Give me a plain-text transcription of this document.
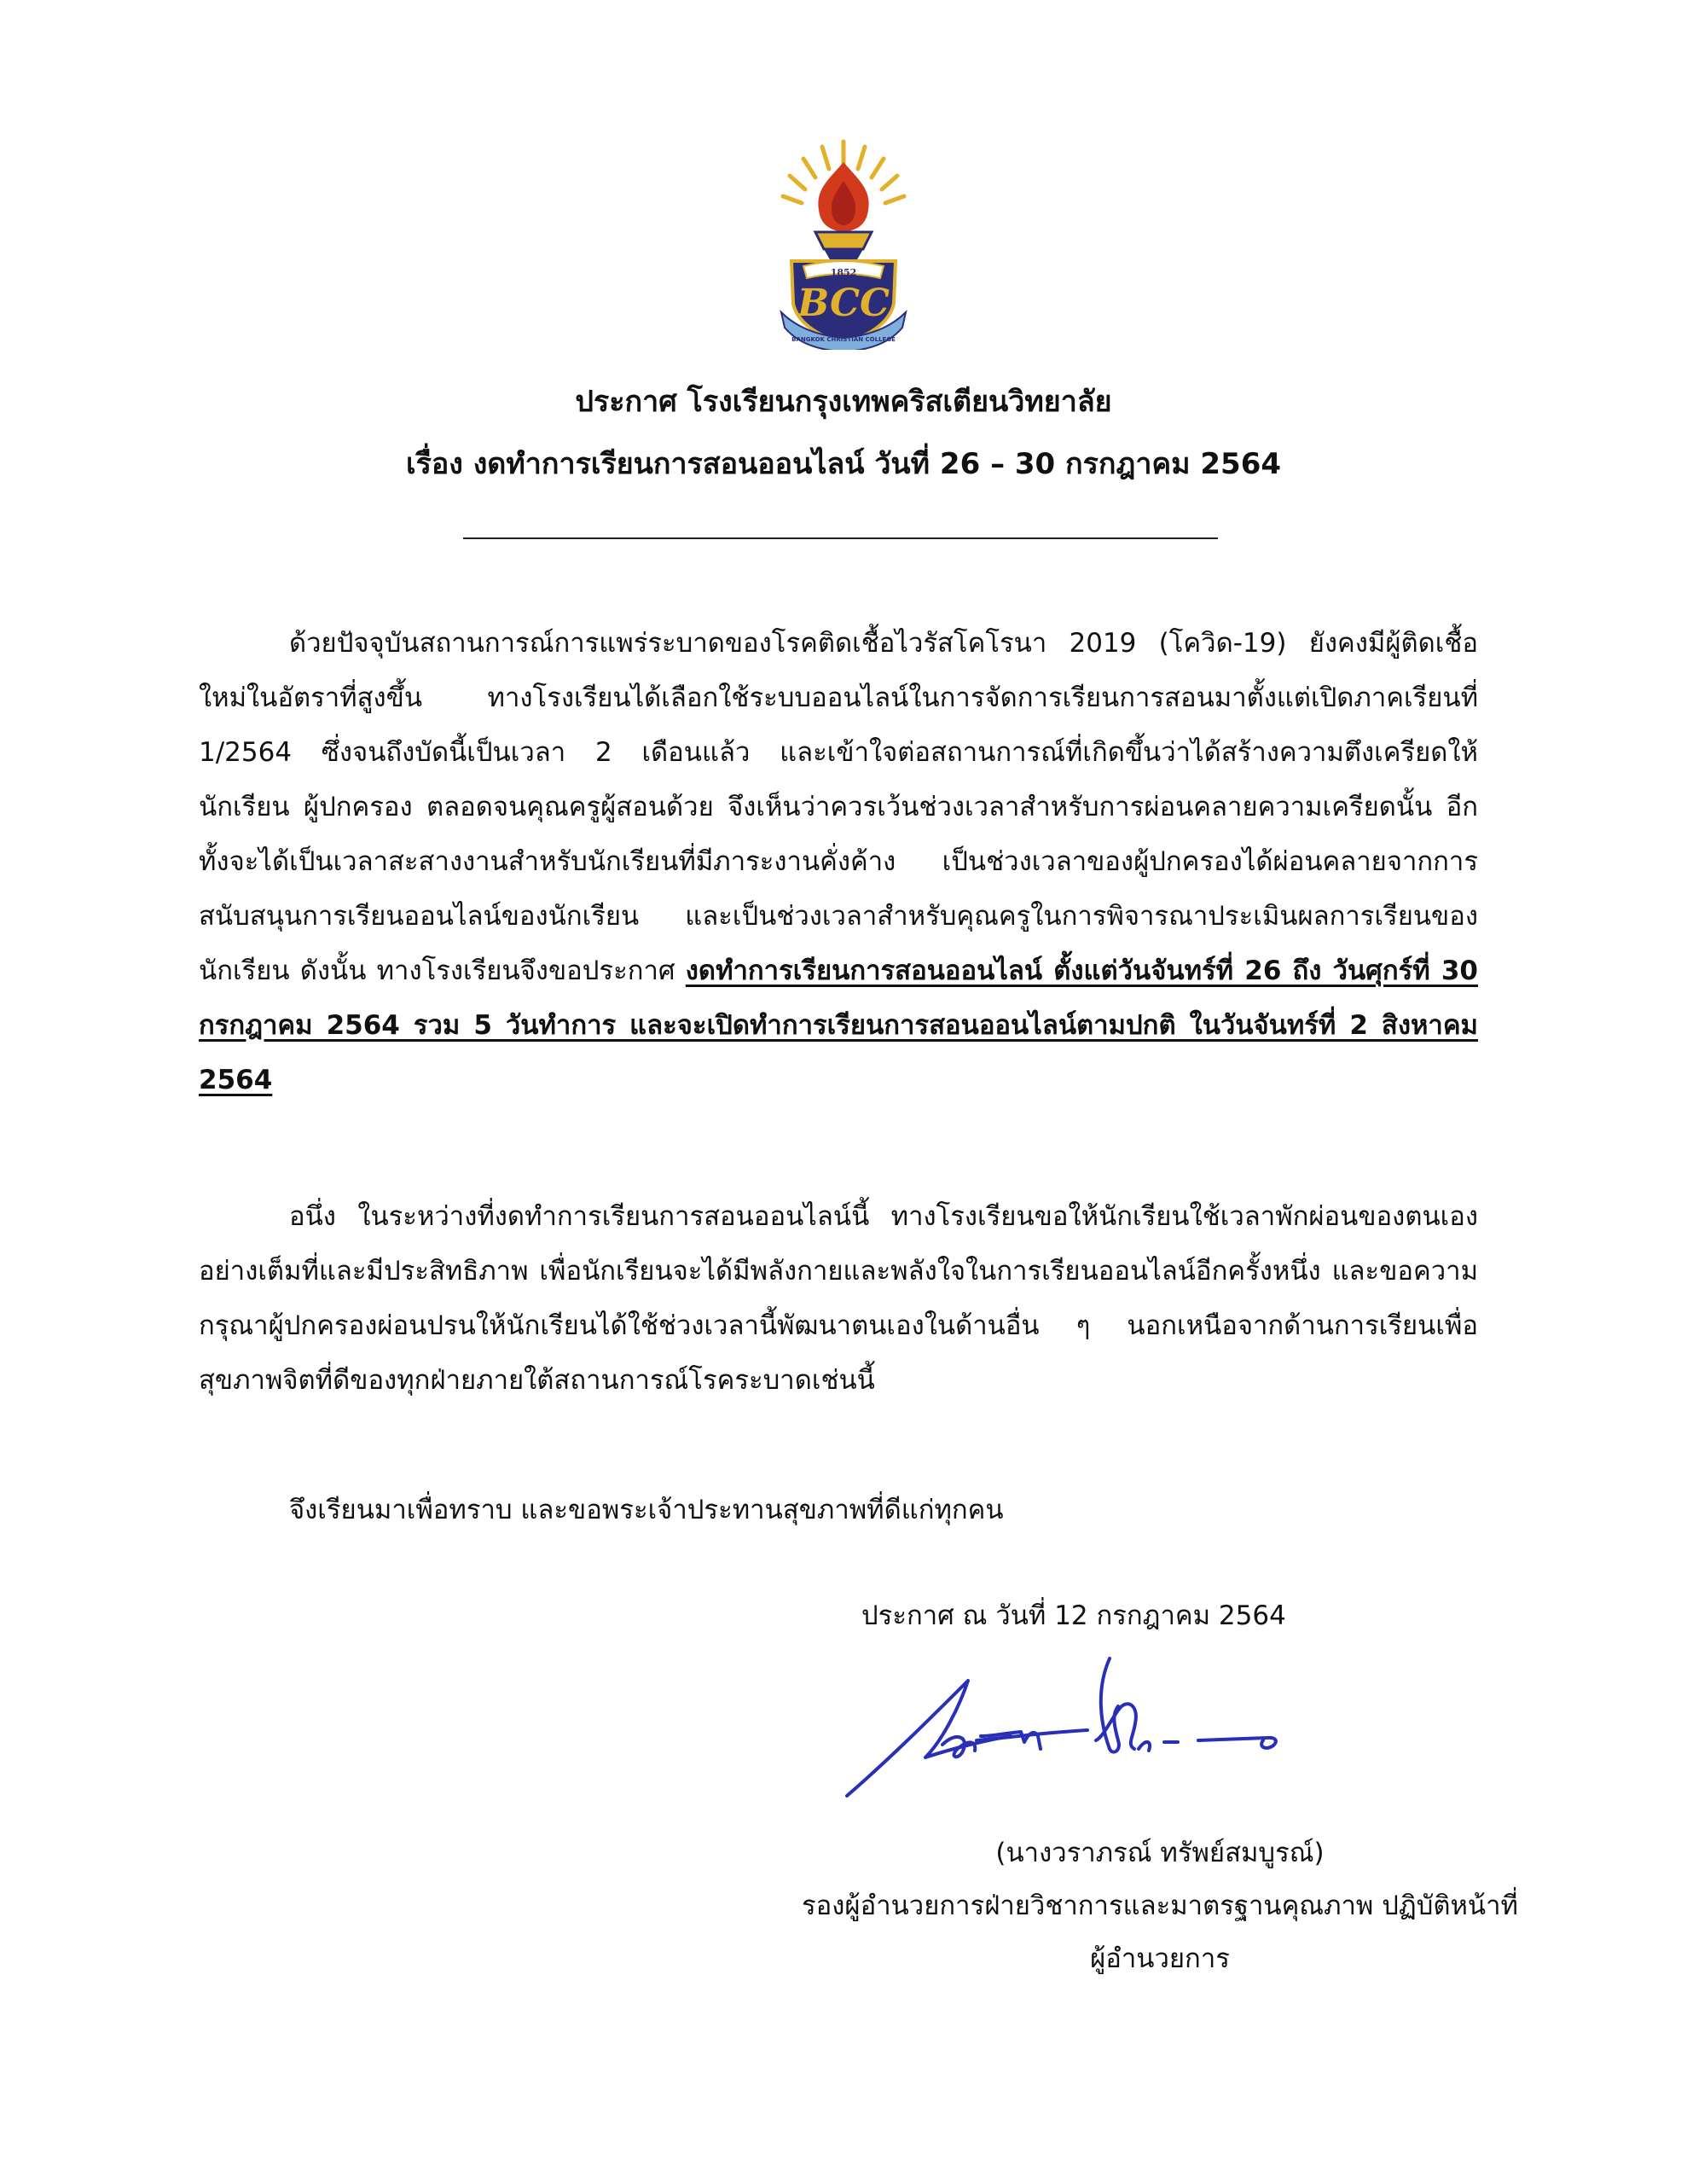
1852
BCC
BANGKOK CHRISTIAN COLLEGE
ประกาศ โรงเรียนกรุงเทพคริสเตียนวิทยาลัย
เรื่อง งดทำการเรียนการสอนออนไลน์ วันที่ 26 – 30 กรกฎาคม 2564

ด้วยปัจจุบันสถานการณ์การแพร่ระบาดของโรคติดเชื้อไวรัสโคโรนา 2019 (โควิด-19) ยังคงมีผู้ติดเชื้อใหม่ในอัตราที่สูงขึ้น ทางโรงเรียนได้เลือกใช้ระบบออนไลน์ในการจัดการเรียนการสอนมาตั้งแต่เปิดภาคเรียนที่ 1/2564 ซึ่งจนถึงบัดนี้เป็นเวลา 2 เดือนแล้ว และเข้าใจต่อสถานการณ์ที่เกิดขึ้นว่าได้สร้างความตึงเครียดให้นักเรียน ผู้ปกครอง ตลอดจนคุณครูผู้สอนด้วย จึงเห็นว่าควรเว้นช่วงเวลาสำหรับการผ่อนคลายความเครียดนั้น อีกทั้งจะได้เป็นเวลาสะสางงานสำหรับนักเรียนที่มีภาระงานคั่งค้าง เป็นช่วงเวลาของผู้ปกครองได้ผ่อนคลายจากการสนับสนุนการเรียนออนไลน์ของนักเรียน และเป็นช่วงเวลาสำหรับคุณครูในการพิจารณาประเมินผลการเรียนของนักเรียน ดังนั้น ทางโรงเรียนจึงขอประกาศ งดทำการเรียนการสอนออนไลน์ ตั้งแต่วันจันทร์ที่ 26 ถึง วันศุกร์ที่ 30 กรกฎาคม 2564 รวม 5 วันทำการ และจะเปิดทำการเรียนการสอนออนไลน์ตามปกติ ในวันจันทร์ที่ 2 สิงหาคม 2564

อนึ่ง ในระหว่างที่งดทำการเรียนการสอนออนไลน์นี้ ทางโรงเรียนขอให้นักเรียนใช้เวลาพักผ่อนของตนเองอย่างเต็มที่และมีประสิทธิภาพ เพื่อนักเรียนจะได้มีพลังกายและพลังใจในการเรียนออนไลน์อีกครั้งหนึ่ง และขอความกรุณาผู้ปกครองผ่อนปรนให้นักเรียนได้ใช้ช่วงเวลานี้พัฒนาตนเองในด้านอื่น ๆ นอกเหนือจากด้านการเรียนเพื่อสุขภาพจิตที่ดีของทุกฝ่ายภายใต้สถานการณ์โรคระบาดเช่นนี้

จึงเรียนมาเพื่อทราบ และขอพระเจ้าประทานสุขภาพที่ดีแก่ทุกคน

ประกาศ ณ วันที่ 12 กรกฎาคม 2564
(นางวราภรณ์ ทรัพย์สมบูรณ์)
รองผู้อำนวยการฝ่ายวิชาการและมาตรฐานคุณภาพ ปฏิบัติหน้าที่
ผู้อำนวยการ
